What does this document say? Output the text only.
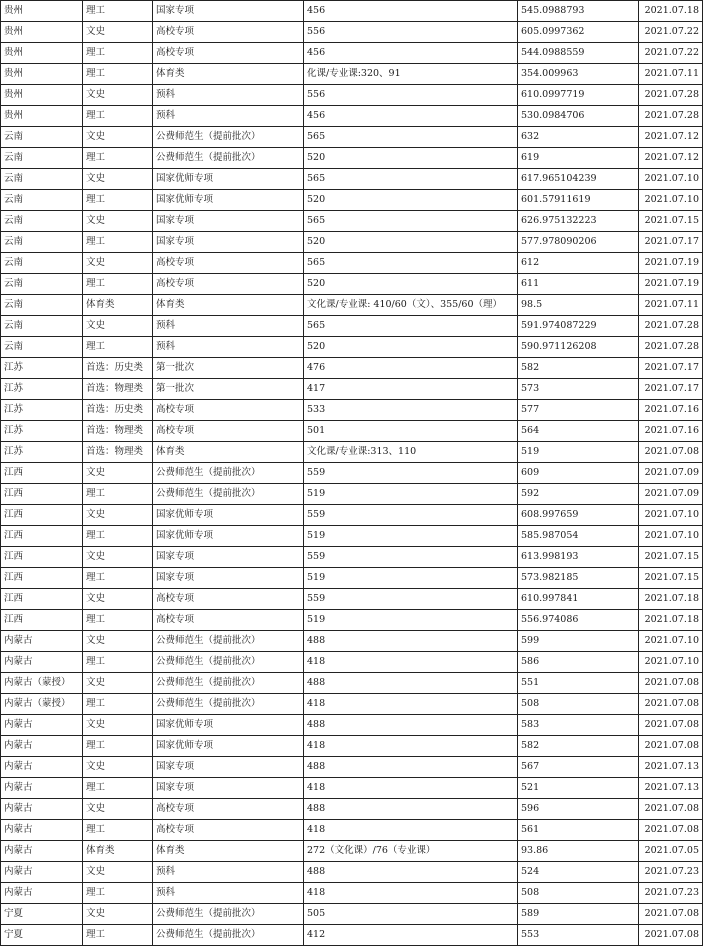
贵州	理工	国家专项	456	545.0988793	2021.07.18
贵州	文史	高校专项	556	605.0997362	2021.07.22
贵州	理工	高校专项	456	544.0988559	2021.07.22
贵州	理工	体育类	化课/专业课:320、91	354.009963	2021.07.11
贵州	文史	预科	556	610.0997719	2021.07.28
贵州	理工	预科	456	530.0984706	2021.07.28
云南	文史	公费师范生（提前批次）	565	632	2021.07.12
云南	理工	公费师范生（提前批次）	520	619	2021.07.12
云南	文史	国家优师专项	565	617.965104239	2021.07.10
云南	理工	国家优师专项	520	601.57911619	2021.07.10
云南	文史	国家专项	565	626.975132223	2021.07.15
云南	理工	国家专项	520	577.978090206	2021.07.17
云南	文史	高校专项	565	612	2021.07.19
云南	理工	高校专项	520	611	2021.07.19
云南	体育类	体育类	文化课/专业课: 410/60（文）、355/60（理）	98.5	2021.07.11
云南	文史	预科	565	591.974087229	2021.07.28
云南	理工	预科	520	590.971126208	2021.07.28
江苏	首选：历史类	第一批次	476	582	2021.07.17
江苏	首选：物理类	第一批次	417	573	2021.07.17
江苏	首选：历史类	高校专项	533	577	2021.07.16
江苏	首选：物理类	高校专项	501	564	2021.07.16
江苏	首选：物理类	体育类	文化课/专业课:313、110	519	2021.07.08
江西	文史	公费师范生（提前批次）	559	609	2021.07.09
江西	理工	公费师范生（提前批次）	519	592	2021.07.09
江西	文史	国家优师专项	559	608.997659	2021.07.10
江西	理工	国家优师专项	519	585.987054	2021.07.10
江西	文史	国家专项	559	613.998193	2021.07.15
江西	理工	国家专项	519	573.982185	2021.07.15
江西	文史	高校专项	559	610.997841	2021.07.18
江西	理工	高校专项	519	556.974086	2021.07.18
内蒙古	文史	公费师范生（提前批次）	488	599	2021.07.10
内蒙古	理工	公费师范生（提前批次）	418	586	2021.07.10
内蒙古（蒙授）	文史	公费师范生（提前批次）	488	551	2021.07.08
内蒙古（蒙授）	理工	公费师范生（提前批次）	418	508	2021.07.08
内蒙古	文史	国家优师专项	488	583	2021.07.08
内蒙古	理工	国家优师专项	418	582	2021.07.08
内蒙古	文史	国家专项	488	567	2021.07.13
内蒙古	理工	国家专项	418	521	2021.07.13
内蒙古	文史	高校专项	488	596	2021.07.08
内蒙古	理工	高校专项	418	561	2021.07.08
内蒙古	体育类	体育类	272（文化课）/76（专业课）	93.86	2021.07.05
内蒙古	文史	预科	488	524	2021.07.23
内蒙古	理工	预科	418	508	2021.07.23
宁夏	文史	公费师范生（提前批次）	505	589	2021.07.08
宁夏	理工	公费师范生（提前批次）	412	553	2021.07.08
